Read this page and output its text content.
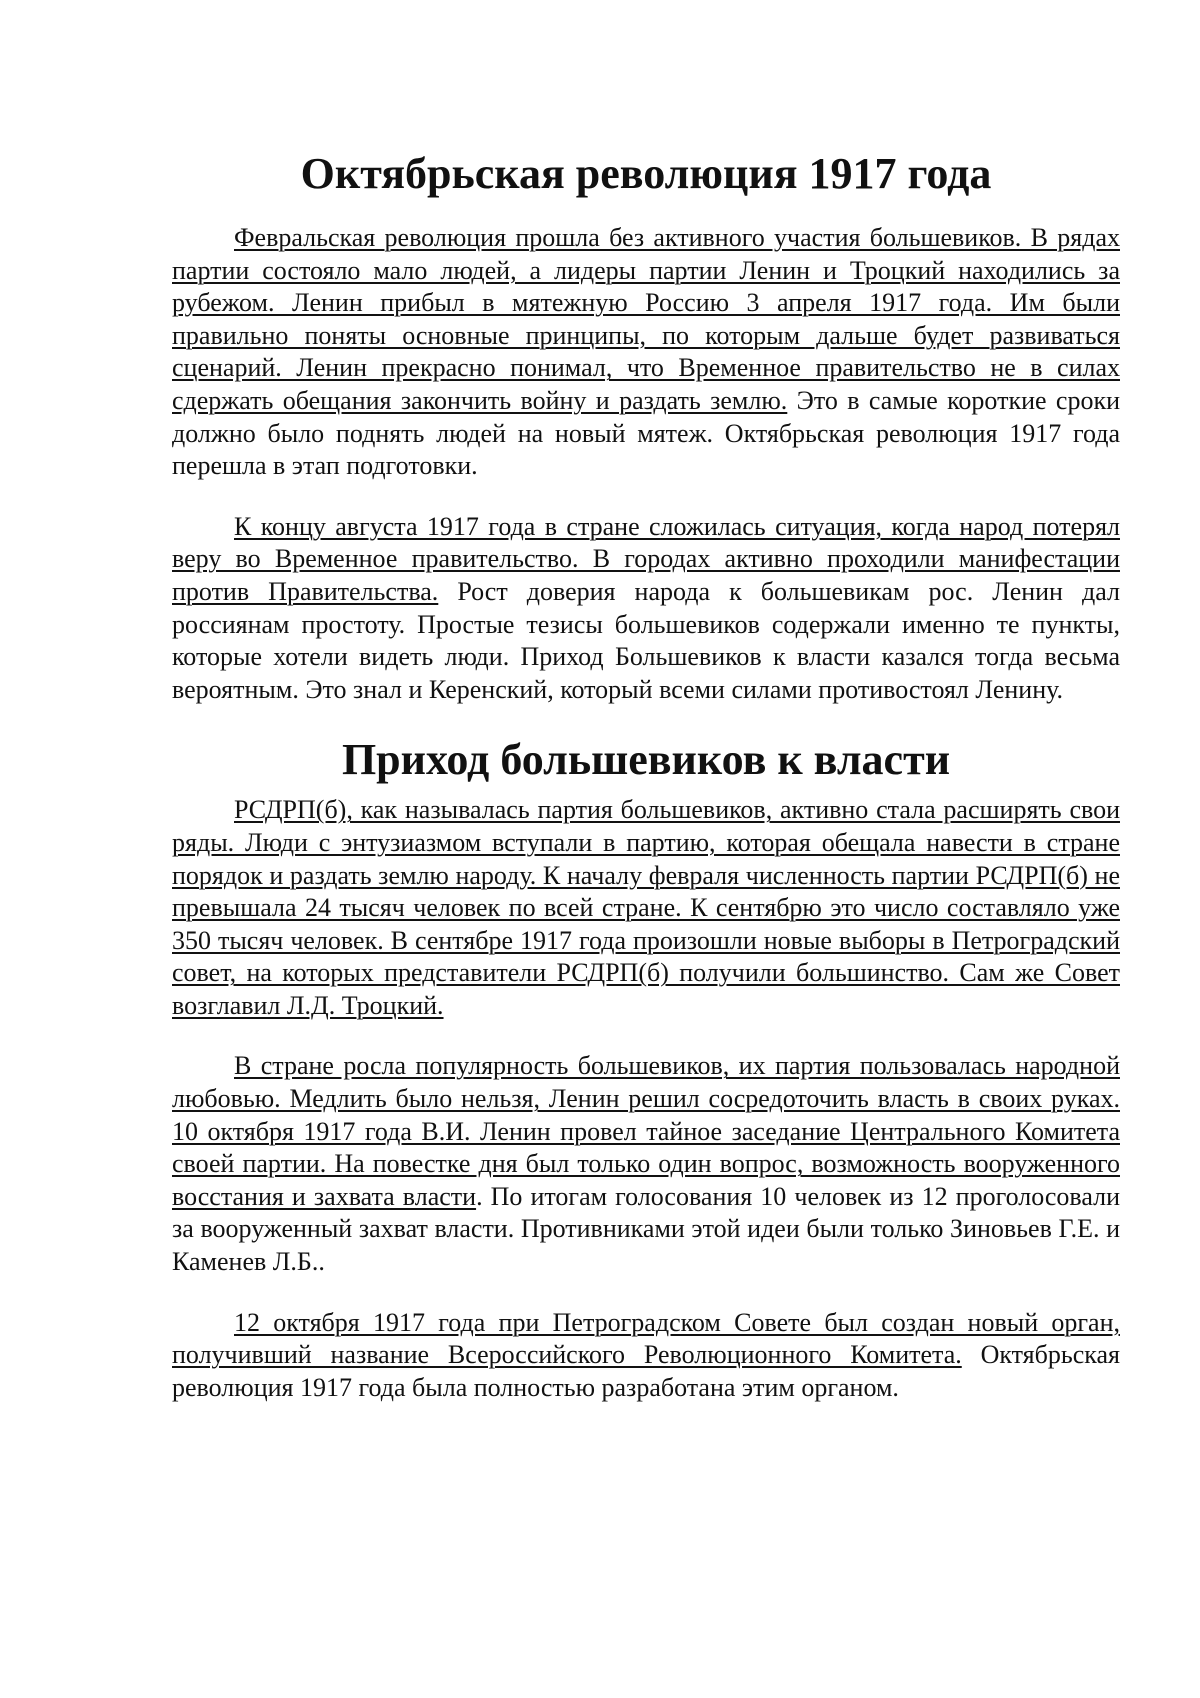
Октябрьская революция 1917 года

Февральская революция прошла без активного участия большевиков. В рядах партии состояло мало людей, а лидеры партии Ленин и Троцкий находились за рубежом. Ленин прибыл в мятежную Россию 3 апреля 1917 года. Им были правильно поняты основные принципы, по которым дальше будет развиваться сценарий. Ленин прекрасно понимал, что Временное правительство не в силах сдержать обещания закончить войну и раздать землю. Это в самые короткие сроки должно было поднять людей на новый мятеж. Октябрьская революция 1917 года перешла в этап подготовки.

К концу августа 1917 года в стране сложилась ситуация, когда народ потерял веру во Временное правительство. В городах активно проходили манифестации против Правительства. Рост доверия народа к большевикам рос. Ленин дал россиянам простоту. Простые тезисы большевиков содержали именно те пункты, которые хотели видеть люди. Приход Большевиков к власти казался тогда весьма вероятным. Это знал и Керенский, который всеми силами противостоял Ленину.

Приход большевиков к власти

РСДРП(б), как называлась партия большевиков, активно стала расширять свои ряды. Люди с энтузиазмом вступали в партию, которая обещала навести в стране порядок и раздать землю народу. К началу февраля численность партии РСДРП(б) не превышала 24 тысяч человек по всей стране. К сентябрю это число составляло уже 350 тысяч человек. В сентябре 1917 года произошли новые выборы в Петроградский совет, на которых представители РСДРП(б) получили большинство. Сам же Совет возглавил Л.Д. Троцкий.

В стране росла популярность большевиков, их партия пользовалась народной любовью. Медлить было нельзя, Ленин решил сосредоточить власть в своих руках. 10 октября 1917 года В.И. Ленин провел тайное заседание Центрального Комитета своей партии. На повестке дня был только один вопрос, возможность вооруженного восстания и захвата власти. По итогам голосования 10 человек из 12 проголосовали за вооруженный захват власти. Противниками этой идеи были только Зиновьев Г.Е. и Каменев Л.Б..

12 октября 1917 года при Петроградском Совете был создан новый орган, получивший название Всероссийского Революционного Комитета. Октябрьская революция 1917 года была полностью разработана этим органом.
